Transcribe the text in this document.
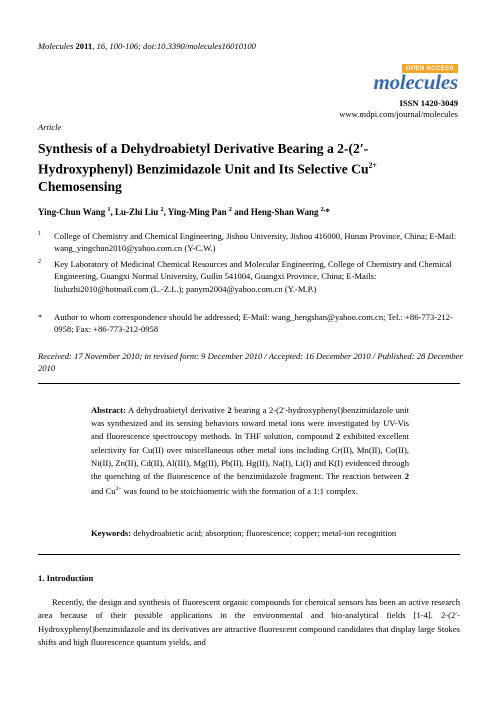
Molecules 2011, 16, 100-106; doi:10.3390/molecules16010100
OPEN ACCESS
molecules
ISSN 1420-3049
www.mdpi.com/journal/molecules
Article
Synthesis of a Dehydroabietyl Derivative Bearing a 2-(2′-Hydroxyphenyl) Benzimidazole Unit and Its Selective $Cu^{2+}$ Chemosensing
Ying-Chun Wang $^1$, Lu-Zhi Liu $^2$, Ying-Ming Pan $^2$ and Heng-Shan Wang $^{2,}$*
1 College of Chemistry and Chemical Engineering, Jishou University, Jishou 416000, Hunan Province, China; E-Mail: wang_yingchun2010@yahoo.com.cn (Y-C.W.)
2 Key Laboratory of Medicinal Chemical Resources and Molecular Engineering, College of Chemistry and Chemical Engineering, Guangxi Normal University, Guilin 541004, Guangxi Province, China; E-Mails: liuluzhi2010@hotmail.com (L.-Z.L.); panym2004@yahoo.com.cn (Y.-M.P.)
* Author to whom correspondence should be addressed; E-Mail: wang_hengshan@yahoo.com.cn; Tel.: +86-773-212-0958; Fax: +86-773-212-0958
Received: 17 November 2010; in revised form: 9 December 2010 / Accepted: 16 December 2010 / Published: 28 December 2010
Abstract: A dehydroabietyl derivative 2 bearing a 2-(2′-hydroxyphenyl)benzimidazole unit was synthesized and its sensing behaviors toward metal ions were investigated by UV-Vis and fluorescence spectroscopy methods. In THF solution, compound 2 exhibited excellent selectivity for Cu(II) over miscellaneous other metal ions including Cr(II), Mn(II), Co(II), Ni(II), Zn(II), Cd(II), Al(III), Mg(II), Pb(II), Hg(II), Na(I), Li(I) and K(I) evidenced through the quenching of the fluorescence of the benzimidazole fragment. The reaction between 2 and $Cu^{2+}$ was found to be stoichiometric with the formation of a 1:1 complex.
Keywords: dehydroabietic acid; absorption; fluorescence; copper; metal-ion recognition
1. Introduction
Recently, the design and synthesis of fluorescent organic compounds for chemical sensors has been an active research area because of their possible applications in the environmental and bio-analytical fields [1-4]. 2-(2′-Hydroxyphenyl)benzimidazole and its derivatives are attractive fluorescent compound candidates that display large Stokes shifts and high fluorescence quantum yields, and
